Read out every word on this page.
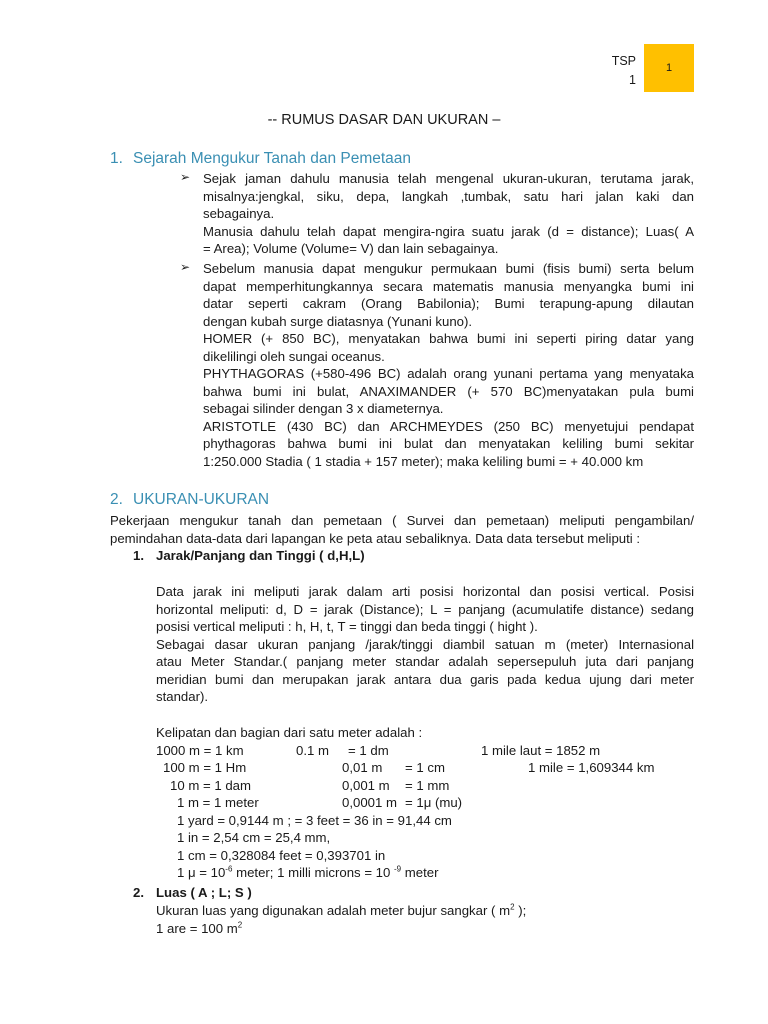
TSP
1
1
-- RUMUS DASAR DAN UKURAN –
1. Sejarah Mengukur Tanah dan Pemetaan
➢
➢
Sejak jaman dahulu manusia telah mengenal ukuran-ukuran, terutama jarak,
misalnya:jengkal, siku, depa, langkah ,tumbak, satu hari jalan kaki dan
sebagainya.
Manusia dahulu telah dapat mengira-ngira suatu jarak (d = distance); Luas( A
= Area); Volume (Volume= V) dan lain sebagainya.
Sebelum manusia dapat mengukur permukaan bumi (fisis bumi) serta belum
dapat memperhitungkannya secara matematis manusia menyangka bumi ini
datar seperti cakram (Orang Babilonia); Bumi terapung-apung dilautan
dengan kubah surge diatasnya (Yunani kuno).
HOMER (+ 850 BC), menyatakan bahwa bumi ini seperti piring datar yang
dikelilingi oleh sungai oceanus.
PHYTHAGORAS (+580-496 BC) adalah orang yunani pertama yang menyataka
bahwa bumi ini bulat, ANAXIMANDER (+ 570 BC)menyatakan pula bumi
sebagai silinder dengan 3 x diameternya.
ARISTOTLE (430 BC) dan ARCHMEYDES (250 BC) menyetujui pendapat
phythagoras bahwa bumi ini bulat dan menyatakan keliling bumi sekitar
1:250.000 Stadia ( 1 stadia + 157 meter); maka keliling bumi = + 40.000 km
2. UKURAN-UKURAN
Pekerjaan mengukur tanah dan pemetaan ( Survei dan pemetaan) meliputi pengambilan/
pemindahan data-data dari lapangan ke peta atau sebaliknya. Data data tersebut meliputi :
1. Jarak/Panjang dan Tinggi ( d,H,L)
Data jarak ini meliputi jarak dalam arti posisi horizontal dan posisi vertical. Posisi
horizontal meliputi: d, D = jarak (Distance); L = panjang (acumulatife distance) sedang
posisi vertical meliputi : h, H, t, T = tinggi dan beda tinggi ( hight ).
Sebagai dasar ukuran panjang /jarak/tinggi diambil satuan m (meter) Internasional
atau Meter Standar.( panjang meter standar adalah sepersepuluh juta dari panjang
meridian bumi dan merupakan jarak antara dua garis pada kedua ujung dari meter
standar).
Kelipatan dan bagian dari satu meter adalah :
1000 m = 1 km	0.1 m = 1 dm	1 mile laut = 1852 m
100 m = 1 Hm	0,01 m = 1 cm	1 mile = 1,609344 km
10 m = 1 dam	0,001 m = 1 mm
1 m = 1 meter	0,0001 m = 1μ (mu)
1 yard = 0,9144 m ; = 3 feet = 36 in = 91,44 cm
1 in = 2,54 cm = 25,4 mm,
1 cm = 0,328084 feet = 0,393701 in
1 $\mu = 10^{-6}$ meter; 1 milli microns = 10 $^{-9}$ meter
2. Luas ( A ; L; S )
Ukuran luas yang digunakan adalah meter bujur sangkar ( $m^2$ );
1 are = 100 $m^2$
